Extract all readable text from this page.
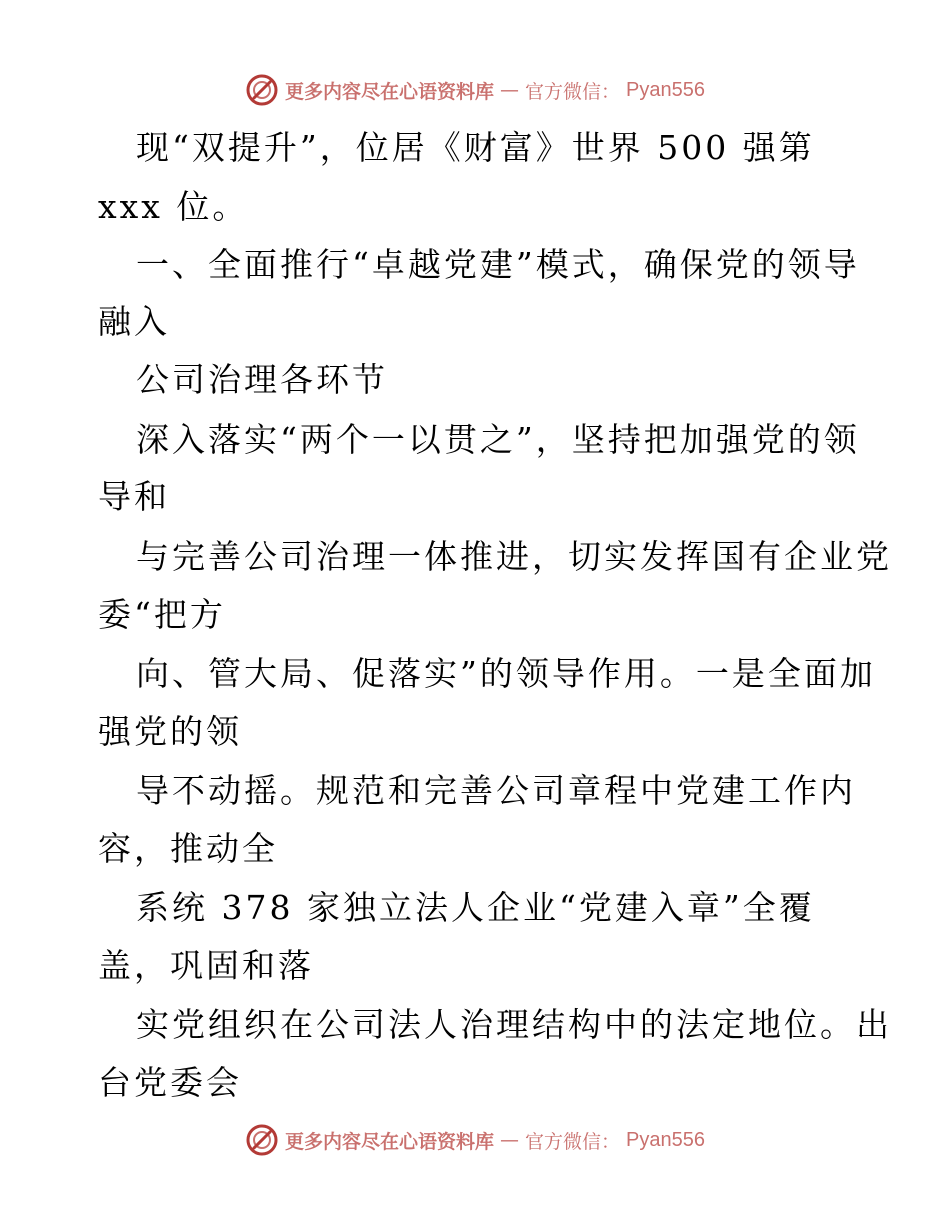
更多内容尽在心语资料库 — 官方微信： Pyan556
现“双提升”，位居《财富》世界 500 强第
xxx 位。
一、全面推行“卓越党建”模式，确保党的领导
融入
公司治理各环节
深入落实“两个一以贯之”，坚持把加强党的领
导和
与完善公司治理一体推进，切实发挥国有企业党
委“把方
向、管大局、促落实”的领导作用。一是全面加
强党的领
导不动摇。规范和完善公司章程中党建工作内
容，推动全
系统 378 家独立法人企业“党建入章”全覆
盖，巩固和落
实党组织在公司法人治理结构中的法定地位。出
台党委会
更多内容尽在心语资料库 — 官方微信： Pyan556
